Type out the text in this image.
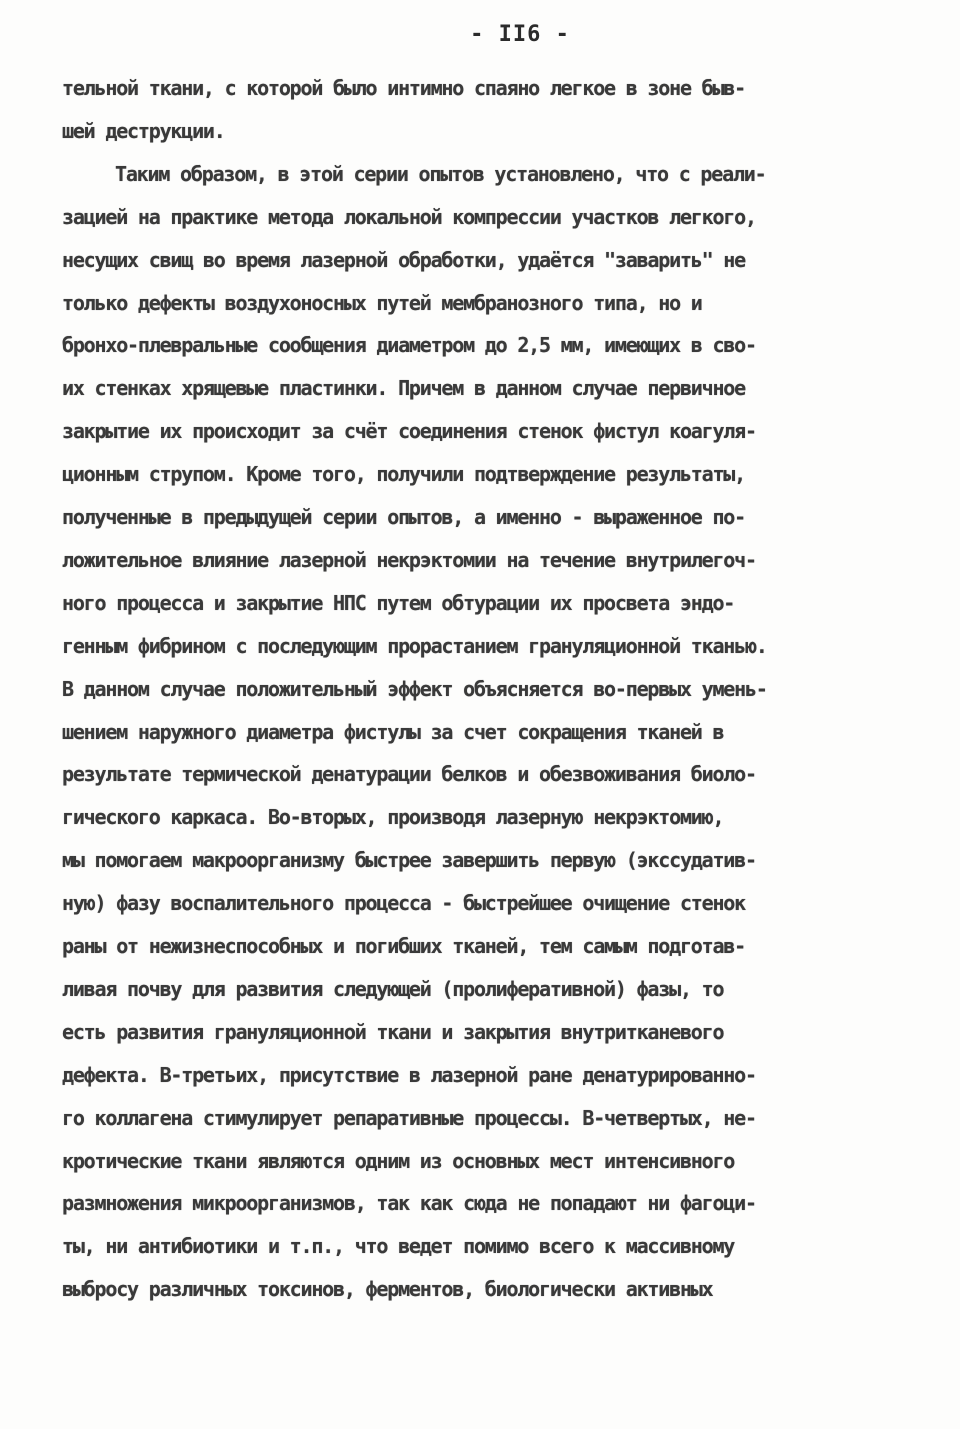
- II6 -
тельной ткани, с которой было интимно спаяно легкое в зоне быв-
шей деструкции.
Таким образом, в этой серии опытов установлено, что с реали-
зацией на практике метода локальной компрессии участков легкого,
несущих свищ во время лазерной обработки, удаётся "заварить" не
только дефекты воздухоносных путей мембранозного типа, но и
бронхо-плевральные сообщения диаметром до 2,5 мм, имеющих в сво-
их стенках хрящевые пластинки. Причем в данном случае первичное
закрытие их происходит за счёт соединения стенок фистул коагуля-
ционным струпом. Кроме того, получили подтверждение результаты,
полученные в предыдущей серии опытов, а именно - выраженное по-
ложительное влияние лазерной некрэктомии на течение внутрилегоч-
ного процесса и закрытие НПС путем обтурации их просвета эндо-
генным фибрином с последующим прорастанием грануляционной тканью.
В данном случае положительный эффект объясняется во-первых умень-
шением наружного диаметра фистулы за счет сокращения тканей в
результате термической денатурации белков и обезвоживания биоло-
гического каркаса. Во-вторых, производя лазерную некрэктомию,
мы помогаем макроорганизму быстрее завершить первую (экссудатив-
ную) фазу воспалительного процесса - быстрейшее очищение стенок
раны от нежизнеспособных и погибших тканей, тем самым подготав-
ливая почву для развития следующей (пролиферативной) фазы, то
есть развития грануляционной ткани и закрытия внутритканевого
дефекта. В-третьих, присутствие в лазерной ране денатурированно-
го коллагена стимулирует репаративные процессы. В-четвертых, не-
кротические ткани являются одним из основных мест интенсивного
размножения микроорганизмов, так как сюда не попадают ни фагоци-
ты, ни антибиотики и т.п., что ведет помимо всего к массивному
выбросу различных токсинов, ферментов, биологически активных
